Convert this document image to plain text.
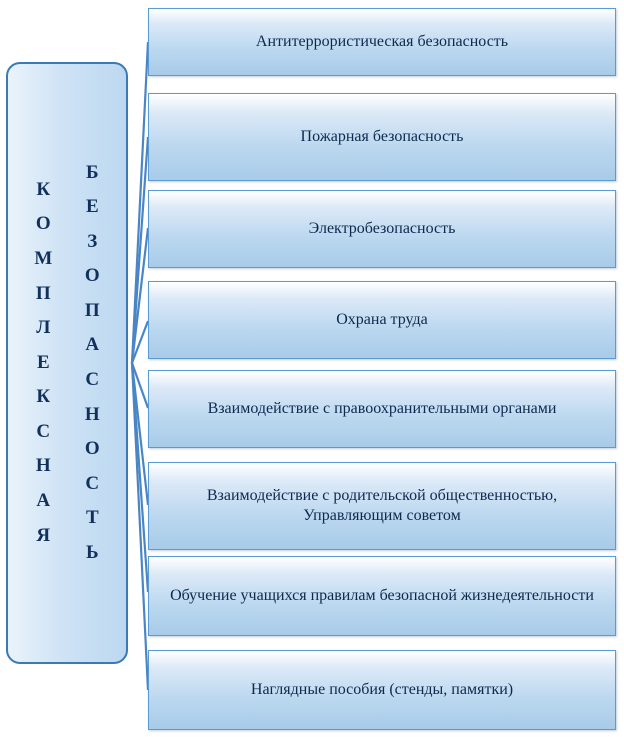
К
О
М
П
Л
Е
К
С
Н
А
Я
Б
Е
З
О
П
А
С
Н
О
С
Т
Ь
Антитеррористическая безопасность
Пожарная безопасность
Электробезопасность
Охрана труда
Взаимодействие с правоохранительными органами
Взаимодействие с родительской общественностью, Управляющим советом
Обучение учащихся правилам безопасной жизнедеятельности
Наглядные пособия (стенды, памятки)
